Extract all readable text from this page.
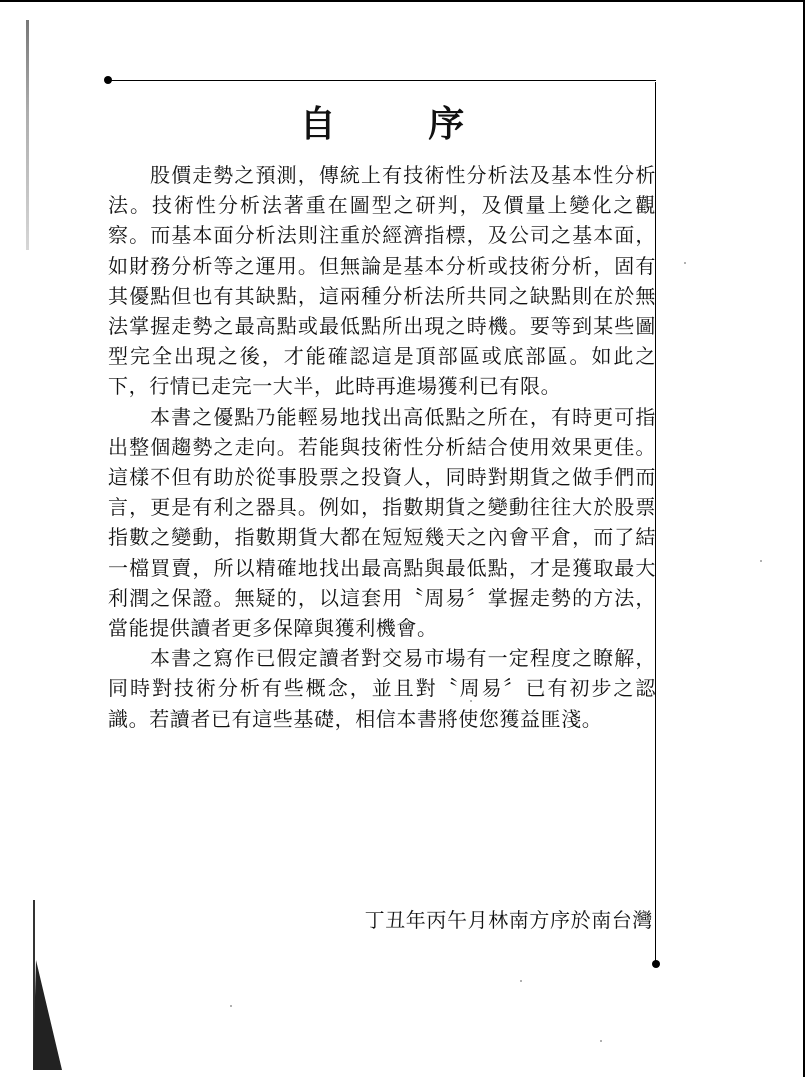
自 序

股價走勢之預測，傳統上有技術性分析法及基本性分析法。技術性分析法著重在圖型之研判，及價量上變化之觀察。而基本面分析法則注重於經濟指標，及公司之基本面，如財務分析等之運用。但無論是基本分析或技術分析，固有其優點但也有其缺點，這兩種分析法所共同之缺點則在於無法掌握走勢之最高點或最低點所出現之時機。要等到某些圖型完全出現之後，才能確認這是頂部區或底部區。如此之下，行情已走完一大半，此時再進場獲利已有限。

本書之優點乃能輕易地找出高低點之所在，有時更可指出整個趨勢之走向。若能與技術性分析結合使用效果更佳。這樣不但有助於從事股票之投資人，同時對期貨之做手們而言，更是有利之器具。例如，指數期貨之變動往往大於股票指數之變動，指數期貨大都在短短幾天之內會平倉，而了結一檔買賣，所以精確地找出最高點與最低點，才是獲取最大利潤之保證。無疑的，以這套用〝周易〞掌握走勢的方法，當能提供讀者更多保障與獲利機會。

本書之寫作已假定讀者對交易市場有一定程度之瞭解，同時對技術分析有些概念，並且對〝周易〞已有初步之認識。若讀者已有這些基礎，相信本書將使您獲益匪淺。

丁丑年丙午月林南方序於南台灣
